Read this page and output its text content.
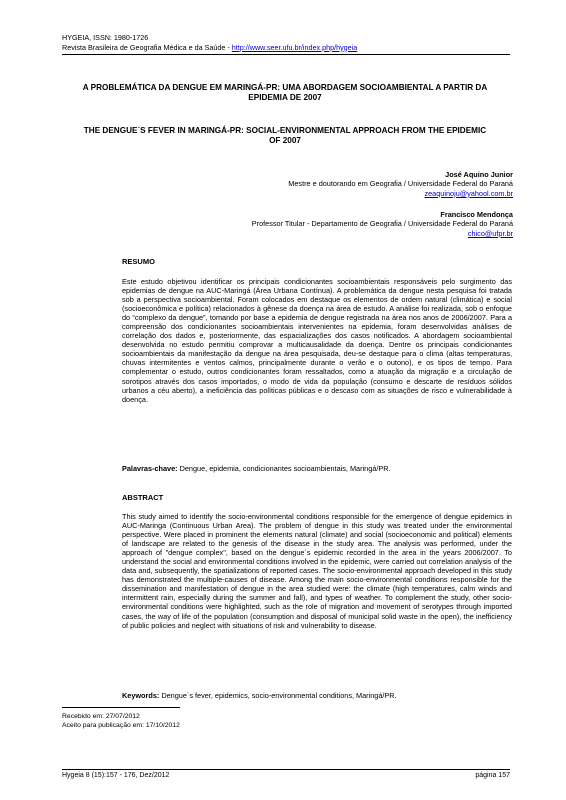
HYGEIA, ISSN: 1980-1726
Revista Brasileira de Geografia Médica e da Saúde - http://www.seer.ufu.br/index.php/hygeia
A PROBLEMÁTICA DA DENGUE EM MARINGÁ-PR: UMA ABORDAGEM SOCIOAMBIENTAL A PARTIR DA EPIDEMIA DE 2007
THE DENGUE`S FEVER IN MARINGÁ-PR: SOCIAL-ENVIRONMENTAL APPROACH FROM THE EPIDEMIC OF 2007
José Aquino Junior
Mestre e doutorando em Geografia / Universidade Federal do Paraná
zeaquinoju@yahool.com.br
Francisco Mendonça
Professor Titular - Departamento de Geografia / Universidade Federal do Paraná
chico@ufpr.br
RESUMO
Este estudo objetivou identificar os principais condicionantes socioambientais responsáveis pelo surgimento das epidemias de dengue na AUC-Maringá (Área Urbana Contínua). A problemática da dengue nesta pesquisa foi tratada sob a perspectiva socioambiental. Foram colocados em destaque os elementos de ordem natural (climática) e social (socioeconômica e política) relacionados à gênese da doença na área de estudo. A análise foi realizada, sob o enfoque do “complexo da dengue”, tomando por base a epidemia de dengue registrada na área nos anos de 2006/2007. Para a compreensão dos condicionantes socioambientais intervenientes na epidemia, foram desenvolvidas análises de correlação dos dados e, posteriormente, das espacializações dos casos notificados. A abordagem socioambiental desenvolvida no estudo permitiu comprovar a multicausalidade da doença. Dentre os principais condicionantes socioambientais da manifestação da dengue na área pesquisada, deu-se destaque para o clima (altas temperaturas, chuvas intermitentes e ventos calmos, principalmente durante o verão e o outono), e os tipos de tempo. Para complementar o estudo, outros condicionantes foram ressaltados, como a atuação da migração e a circulação de sorotipos através dos casos importados, o modo de vida da população (consumo e descarte de resíduos sólidos urbanos a céu aberto), a ineficiência das políticas públicas e o descaso com as situações de risco e vulnerabilidade à doença.
Palavras-chave: Dengue, epidemia, condicionantes socioambientais, Maringá/PR.
ABSTRACT
This study aimed to identify the socio-environmental conditions responsible for the emergence of dengue epidemics in AUC-Maringa (Continuous Urban Area). The problem of dengue in this study was treated under the environmental perspective. Were placed in prominent the elements natural (climate) and social (socioeconomic and political) elements of landscape are related to the genesis of the disease in the study area. The analysis was performed, under the approach of "dengue complex", based on the dengue`s epidemic recorded in the area in the years 2006/2007. To understand the social and environmental conditions involved in the epidemic, were carried out correlation analysis of the data and, subsequently, the spatializations of reported cases. The socio-environmental approach developed in this study has demonstrated the multiple-causes of disease. Among the main socio-environmental conditions responsible for the dissemination and manifestation of dengue in the area studied were: the climate (high temperatures, calm winds and intermittent rain, especially during the summer and fall), and types of weather. To complement the study, other socio-environmental conditions were highlighted, such as the role of migration and movement of serotypes through imported cases, the way of life of the population (consumption and disposal of municipal solid waste in the open), the inefficiency of public policies and neglect with situations of risk and vulnerability to disease.
Keywords: Dengue`s fever, epidemics, socio-environmental conditions, Maringá/PR.
Recebido em: 27/07/2012
Aceito para publicação em: 17/10/2012
Hygeia 8 (15):157 - 176, Dez/2012	página 157
